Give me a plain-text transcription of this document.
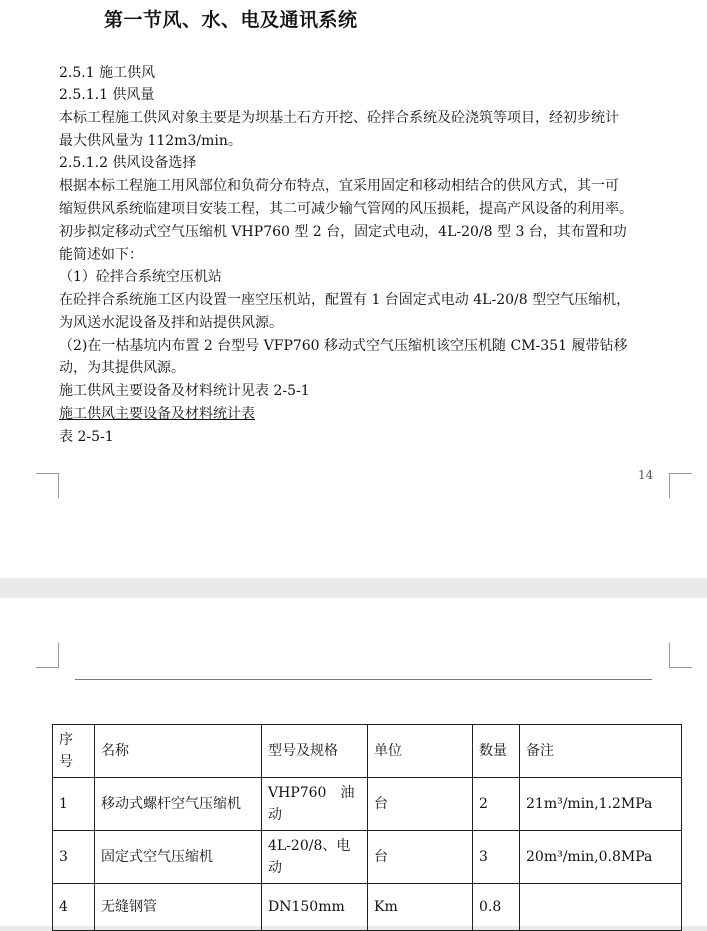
第一节风、水、电及通讯系统
2.5.1 施工供风
2.5.1.1 供风量
本标工程施工供风对象主要是为坝基土石方开挖、砼拌合系统及砼浇筑等项目，经初步统计
最大供风量为 112m3/min。
2.5.1.2 供风设备选择
根据本标工程施工用风部位和负荷分布特点，宜采用固定和移动相结合的供风方式，其一可
缩短供风系统临建项目安装工程，其二可减少输气管网的风压损耗，提高产风设备的利用率。
初步拟定移动式空气压缩机 VHP760 型 2 台，固定式电动，4L-20/8 型 3 台，其布置和功
能简述如下：
（1）砼拌合系统空压机站
在砼拌合系统施工区内设置一座空压机站，配置有 1 台固定式电动 4L-20/8 型空气压缩机，
为风送水泥设备及拌和站提供风源。
（2)在一枯基坑内布置 2 台型号 VFP760 移动式空气压缩机该空压机随 CM-351 履带钻移
动，为其提供风源。
施工供风主要设备及材料统计见表 2-5-1
施工供风主要设备及材料统计表
表 2-5-1
14
序号	名称	型号及规格	单位	数量	备注
1	移动式螺杆空气压缩机	VHP760　油动	台	2	21m³/min,1.2MPa
3	固定式空气压缩机	4L-20/8、电动	台	3	20m³/min,0.8MPa
4	无缝钢管	DN150mm	Km	0.8	
